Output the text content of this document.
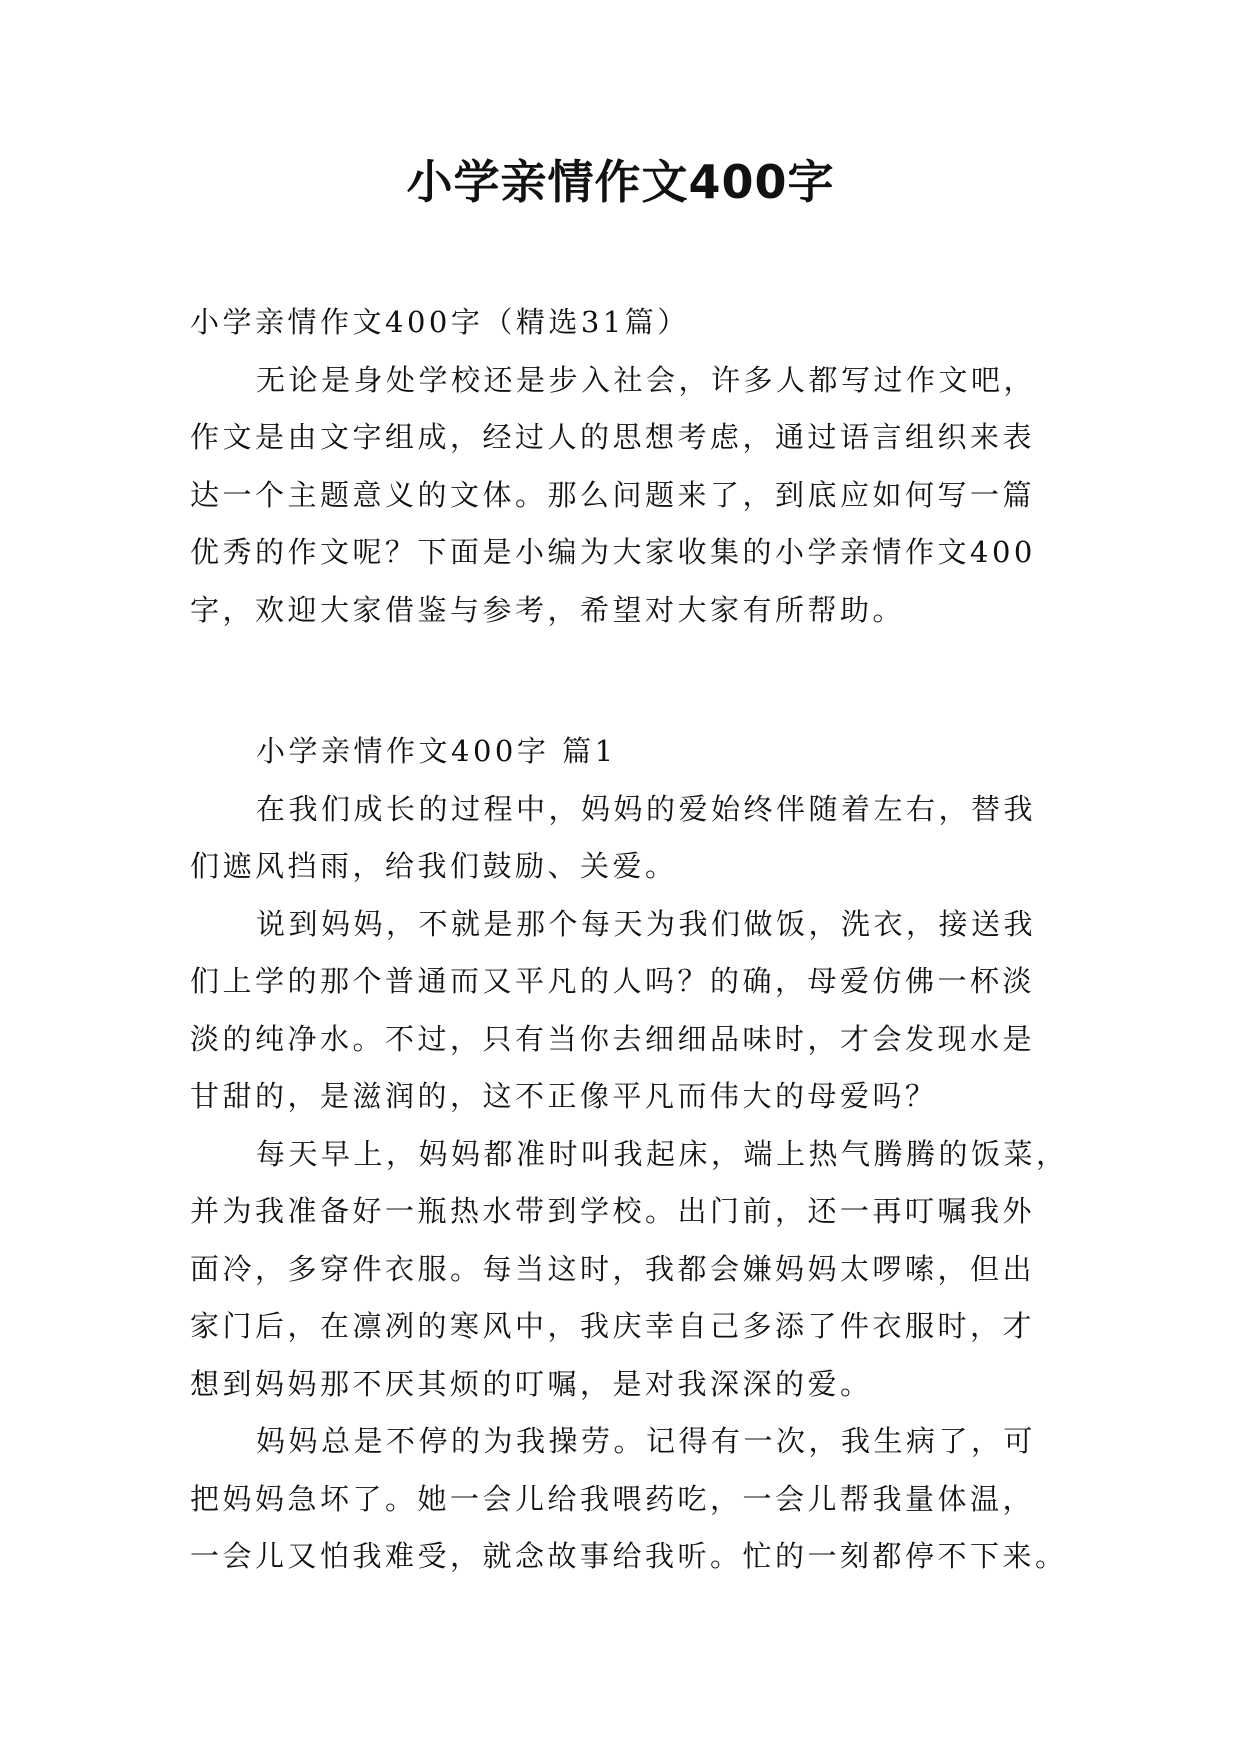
小学亲情作文400字
小学亲情作文400字（精选31篇）
无论是身处学校还是步入社会，许多人都写过作文吧，
作文是由文字组成，经过人的思想考虑，通过语言组织来表
达一个主题意义的文体。那么问题来了，到底应如何写一篇
优秀的作文呢？下面是小编为大家收集的小学亲情作文400
字，欢迎大家借鉴与参考，希望对大家有所帮助。
小学亲情作文400字 篇1
在我们成长的过程中，妈妈的爱始终伴随着左右，替我
们遮风挡雨，给我们鼓励、关爱。
说到妈妈，不就是那个每天为我们做饭，洗衣，接送我
们上学的那个普通而又平凡的人吗？的确，母爱仿佛一杯淡
淡的纯净水。不过，只有当你去细细品味时，才会发现水是
甘甜的，是滋润的，这不正像平凡而伟大的母爱吗？
每天早上，妈妈都准时叫我起床，端上热气腾腾的饭菜，
并为我准备好一瓶热水带到学校。出门前，还一再叮嘱我外
面冷，多穿件衣服。每当这时，我都会嫌妈妈太啰嗦，但出
家门后，在凛冽的寒风中，我庆幸自己多添了件衣服时，才
想到妈妈那不厌其烦的叮嘱，是对我深深的爱。
妈妈总是不停的为我操劳。记得有一次，我生病了，可
把妈妈急坏了。她一会儿给我喂药吃，一会儿帮我量体温，
一会儿又怕我难受，就念故事给我听。忙的一刻都停不下来。
